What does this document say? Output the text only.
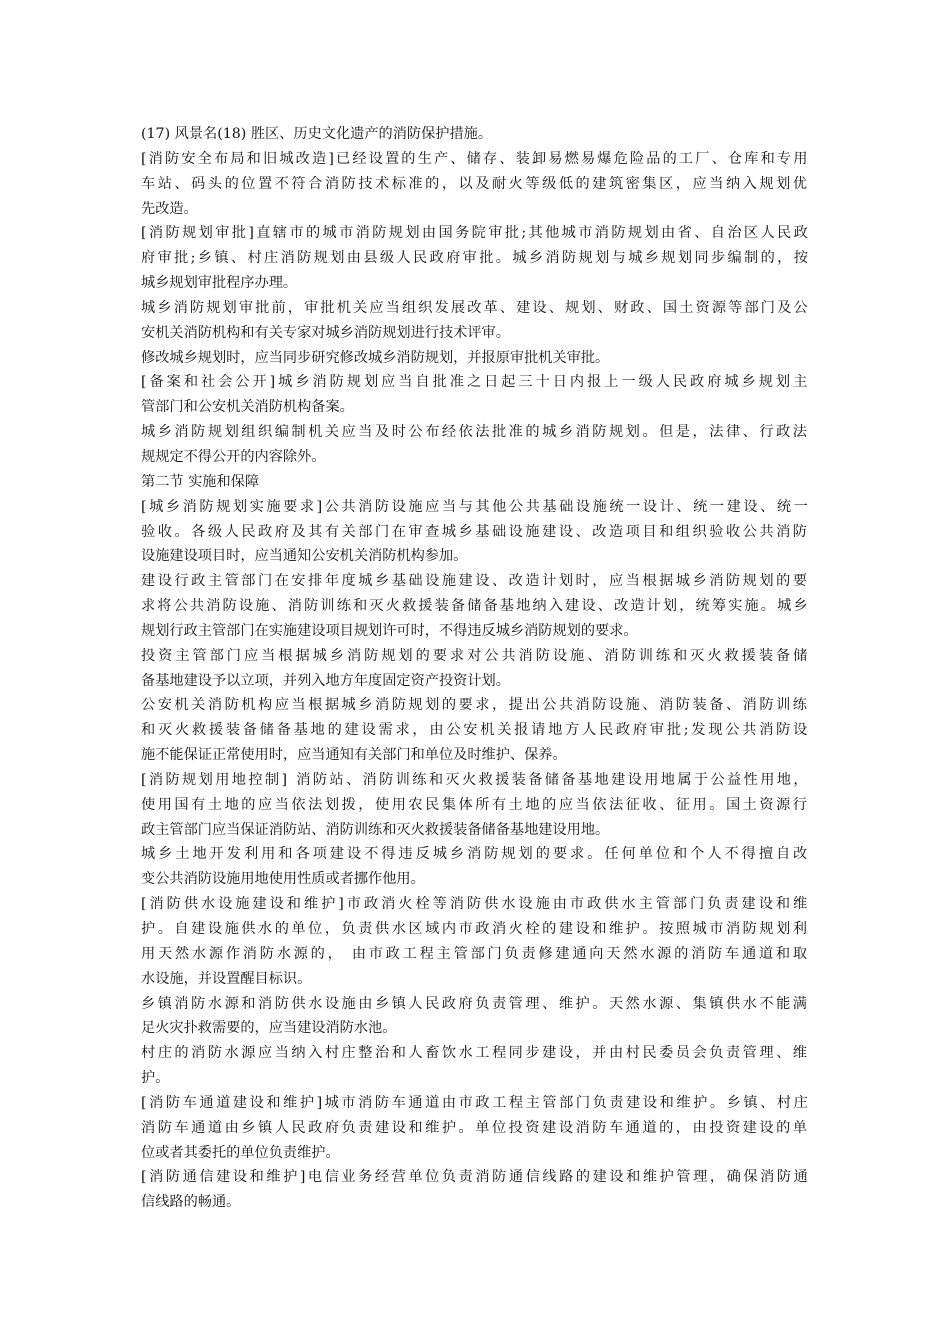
(17) 风景名(18) 胜区、历史文化遗产的消防保护措施。
[消防安全布局和旧城改造]已经设置的生产、储存、装卸易燃易爆危险品的工厂、仓库和专用
车站、码头的位置不符合消防技术标准的，以及耐火等级低的建筑密集区，应当纳入规划优
先改造。
[消防规划审批]直辖市的城市消防规划由国务院审批;其他城市消防规划由省、自治区人民政
府审批;乡镇、村庄消防规划由县级人民政府审批。城乡消防规划与城乡规划同步编制的，按
城乡规划审批程序办理。
城乡消防规划审批前，审批机关应当组织发展改革、建设、规划、财政、国土资源等部门及公
安机关消防机构和有关专家对城乡消防规划进行技术评审。
修改城乡规划时，应当同步研究修改城乡消防规划，并报原审批机关审批。
[备案和社会公开]城乡消防规划应当自批准之日起三十日内报上一级人民政府城乡规划主
管部门和公安机关消防机构备案。
城乡消防规划组织编制机关应当及时公布经依法批准的城乡消防规划。但是，法律、行政法
规规定不得公开的内容除外。
第二节 实施和保障
[城乡消防规划实施要求]公共消防设施应当与其他公共基础设施统一设计、统一建设、统一
验收。各级人民政府及其有关部门在审查城乡基础设施建设、改造项目和组织验收公共消防
设施建设项目时，应当通知公安机关消防机构参加。
建设行政主管部门在安排年度城乡基础设施建设、改造计划时，应当根据城乡消防规划的要
求将公共消防设施、消防训练和灭火救援装备储备基地纳入建设、改造计划，统筹实施。城乡
规划行政主管部门在实施建设项目规划许可时，不得违反城乡消防规划的要求。
投资主管部门应当根据城乡消防规划的要求对公共消防设施、消防训练和灭火救援装备储
备基地建设予以立项，并列入地方年度固定资产投资计划。
公安机关消防机构应当根据城乡消防规划的要求，提出公共消防设施、消防装备、消防训练
和灭火救援装备储备基地的建设需求，由公安机关报请地方人民政府审批;发现公共消防设
施不能保证正常使用时，应当通知有关部门和单位及时维护、保养。
[消防规划用地控制] 消防站、消防训练和灭火救援装备储备基地建设用地属于公益性用地，
使用国有土地的应当依法划拨，使用农民集体所有土地的应当依法征收、征用。国土资源行
政主管部门应当保证消防站、消防训练和灭火救援装备储备基地建设用地。
城乡土地开发利用和各项建设不得违反城乡消防规划的要求。任何单位和个人不得擅自改
变公共消防设施用地使用性质或者挪作他用。
[消防供水设施建设和维护]市政消火栓等消防供水设施由市政供水主管部门负责建设和维
护。自建设施供水的单位，负责供水区域内市政消火栓的建设和维护。按照城市消防规划利
用天然水源作消防水源的， 由市政工程主管部门负责修建通向天然水源的消防车通道和取
水设施，并设置醒目标识。
乡镇消防水源和消防供水设施由乡镇人民政府负责管理、维护。天然水源、集镇供水不能满
足火灾扑救需要的，应当建设消防水池。
村庄的消防水源应当纳入村庄整治和人畜饮水工程同步建设，并由村民委员会负责管理、维
护。
[消防车通道建设和维护]城市消防车通道由市政工程主管部门负责建设和维护。乡镇、村庄
消防车通道由乡镇人民政府负责建设和维护。单位投资建设消防车通道的，由投资建设的单
位或者其委托的单位负责维护。
[消防通信建设和维护]电信业务经营单位负责消防通信线路的建设和维护管理，确保消防通
信线路的畅通。
